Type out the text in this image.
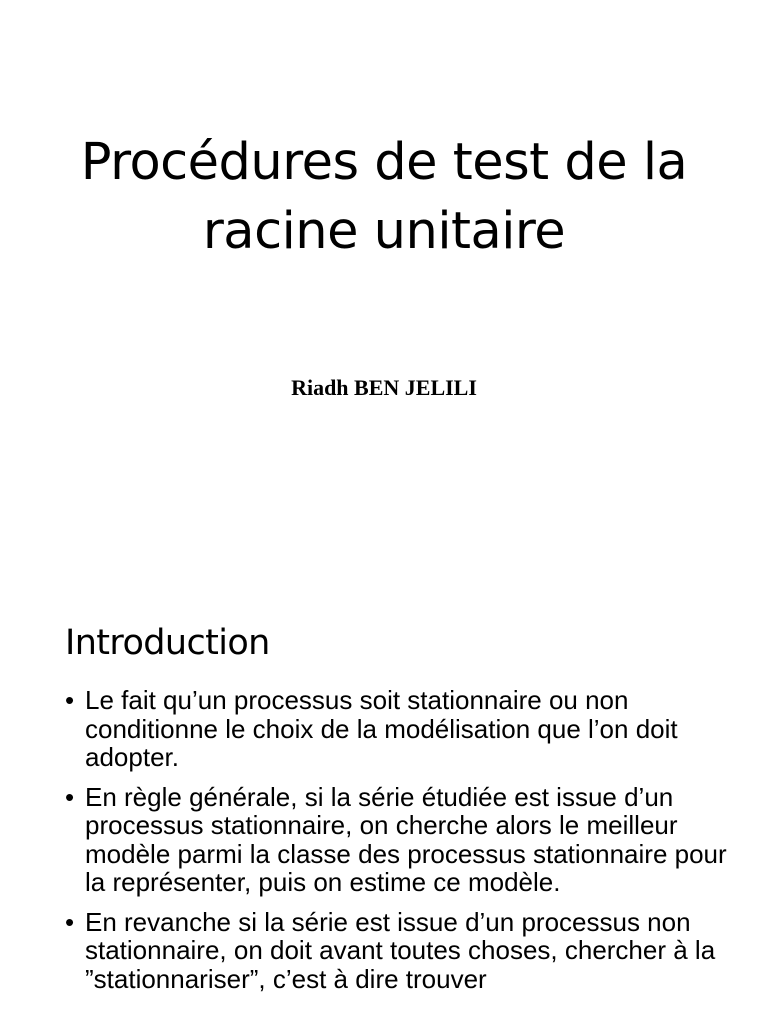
Procédures de test de la
racine unitaire
Riadh BEN JELILI
Introduction
• Le fait qu’un processus soit stationnaire ou non conditionne le choix de la modélisation que l’on doit adopter.
• En règle générale, si la série étudiée est issue d’un processus stationnaire, on cherche alors le meilleur modèle parmi la classe des processus stationnaire pour la représenter, puis on estime ce modèle.
• En revanche si la série est issue d’un processus non stationnaire, on doit avant toutes choses, chercher à la ”stationnariser”, c’est à dire trouver
